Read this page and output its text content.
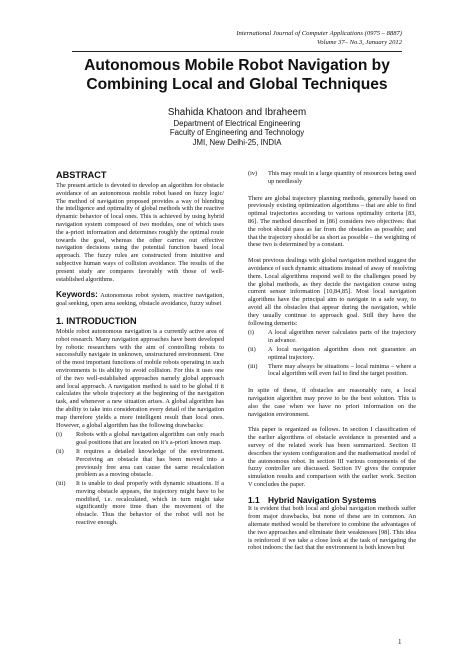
International Journal of Computer Applications (0975 – 8887)
Volume 37– No.3, January 2012
Autonomous Mobile Robot Navigation by Combining Local and Global Techniques
Shahida Khatoon and Ibraheem
Department of Electrical Engineering
Faculty of Engineering and Technology
JMI, New Delhi-25, INDIA
ABSTRACT

The present article is devoted to develop an algorithm for obstacle avoidance of an autonomous mobile robot based on fuzzy logic/ The method of navigation proposed provides a way of blending the intelligence and optimality of global methods with the reactive dynamic behavior of local ones. This is achieved by using hybrid navigation system composed of two modules, one of which uses the a-priori information and determines roughly the optimal route towards the goal, whereas the other carries out effective navigation decisions using the potential function based local approach. The fuzzy rules are constructed from intuitive and subjective human ways of collision avoidance. The results of the present study are compares favorably with those of well-established algorithms.

Keywords: Autonomous robot system, reactive navigation, goal seeking, open area seeking, obstacle avoidance, fuzzy subset

1. INTRODUCTION

Mobile robot autonomous navigation is a currently active area of robot research. Many navigation approaches have been developed by robotic researchers with the aim of controlling robots to successfully navigate in unknown, unstructured environment. One of the most important functions of mobile robots operating in such environments is its ability to avoid collision. For this it uses one of the two well-established approaches namely global approach and local approach. A navigation method is said to be global if it calculates the whole trajectory at the beginning of the navigation task, and whenever a new situation arises. A global algorithm has the ability to take into consideration every detail of the navigation map therefore yields a more intelligent result than local ones. However, a global algorithm has the following drawbacks:

(i) Robots with a global navigation algorithm can only reach goal positions that are located on it’s a-priori known map.
(ii) It requires a detailed knowledge of the environment. Perceiving an obstacle that has been moved into a previously free area can cause the same recalculation problem as a moving obstacle.
(iii) It is unable to deal properly with dynamic situations. If a moving obstacle appears, the trajectory might have to be modified, i.e. recalculated, which in turn might take significantly more time than the movement of the obstacle. Thus the behavior of the robot will not be reactive enough.
(iv) This may result in a large quantity of resources being used up needlessly

There are global trajectory planning methods, generally based on previously existing optimization algorithms – that are able to find optimal trajectories according to various optimality criteria [83, 86]. The method described in [86] considers two objectives: that the robot should pass as far from the obstacles as possible; and that the trajectory should be as short as possible – the weighting of these two is determined by a constant.

Most previous dealings with global navigation method suggest the avoidance of such dynamic situations instead of away of resolving them. Local algorithms respond well to the challenges posed by the global methods, as they decide the navigation course using current sensor information [10,84,85]. Most local navigation algorithms have the principal aim to navigate in a safe way, to avoid all the obstacles that appear during the navigation, while they usually continue to approach goal. Still they have the following demerits:

(i) A local algorithm never calculates parts of the trajectory in advance.
(ii) A local navigation algorithm does not guarantee an optimal trajectory.
(iii) There may always be situations – local minima – where a local algorithm will even fail to find the target position.

In spite of these, if obstacles are reasonably rare, a local navigation algorithm may prove to be the best solution. This is also the case when we have no priori information on the navigation environment.

This paper is organized as follows. In section I classification of the earlier algorithms of obstacle avoidance is presented and a survey of the related work has been summarized. Section II describes the system configuration and the mathematical model of the autonomous robot. In section III various components of the fuzzy controller are discussed. Section IV gives the computer simulation results and comparison with the earlier work. Section V concludes the paper.

1.1 Hybrid Navigation Systems

It is evident that both local and global navigation methods suffer from major drawbacks, but none of these are in common. An alternate method would be therefore to combine the advantages of the two approaches and eliminate their weaknesses [98]. This idea is reinforced if we take a close look at the task of navigating the robot indoors: the fact that the environment is both known but

1
